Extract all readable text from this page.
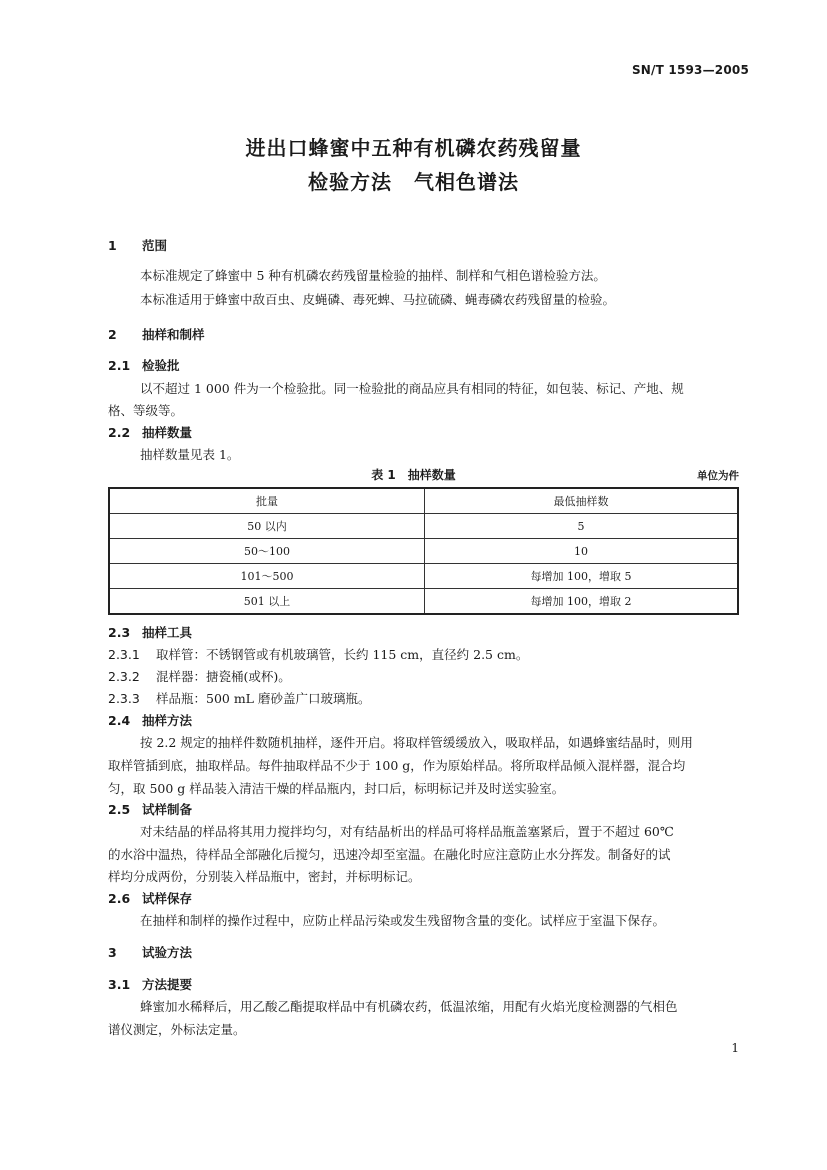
SN/T 1593—2005
进出口蜂蜜中五种有机磷农药残留量
检验方法 气相色谱法
1 范围
本标准规定了蜂蜜中 5 种有机磷农药残留量检验的抽样、制样和气相色谱检验方法。
本标准适用于蜂蜜中敌百虫、皮蝇磷、毒死蜱、马拉硫磷、蝇毒磷农药残留量的检验。
2 抽样和制样
2.1 检验批
以不超过 1 000 件为一个检验批。同一检验批的商品应具有相同的特征，如包装、标记、产地、规
格、等级等。
2.2 抽样数量
抽样数量见表 1。
表 1　抽样数量	单位为件
批量	最低抽样数
50 以内	5
50～100	10
101～500	每增加 100，增取 5
501 以上	每增加 100，增取 2
2.3 抽样工具
2.3.1 取样管：不锈钢管或有机玻璃管，长约 115 cm，直径约 2.5 cm。
2.3.2 混样器：搪瓷桶(或杯)。
2.3.3 样品瓶：500 mL 磨砂盖广口玻璃瓶。
2.4 抽样方法
按 2.2 规定的抽样件数随机抽样，逐件开启。将取样管缓缓放入，吸取样品，如遇蜂蜜结晶时，则用
取样管插到底，抽取样品。每件抽取样品不少于 100 g，作为原始样品。将所取样品倾入混样器，混合均
匀，取 500 g 样品装入清洁干燥的样品瓶内，封口后，标明标记并及时送实验室。
2.5 试样制备
对未结晶的样品将其用力搅拌均匀，对有结晶析出的样品可将样品瓶盖塞紧后，置于不超过 60℃
的水浴中温热，待样品全部融化后搅匀，迅速冷却至室温。在融化时应注意防止水分挥发。制备好的试
样均分成两份，分别装入样品瓶中，密封，并标明标记。
2.6 试样保存
在抽样和制样的操作过程中，应防止样品污染或发生残留物含量的变化。试样应于室温下保存。
3 试验方法
3.1 方法提要
蜂蜜加水稀释后，用乙酸乙酯提取样品中有机磷农药，低温浓缩，用配有火焰光度检测器的气相色
谱仪测定，外标法定量。
1
